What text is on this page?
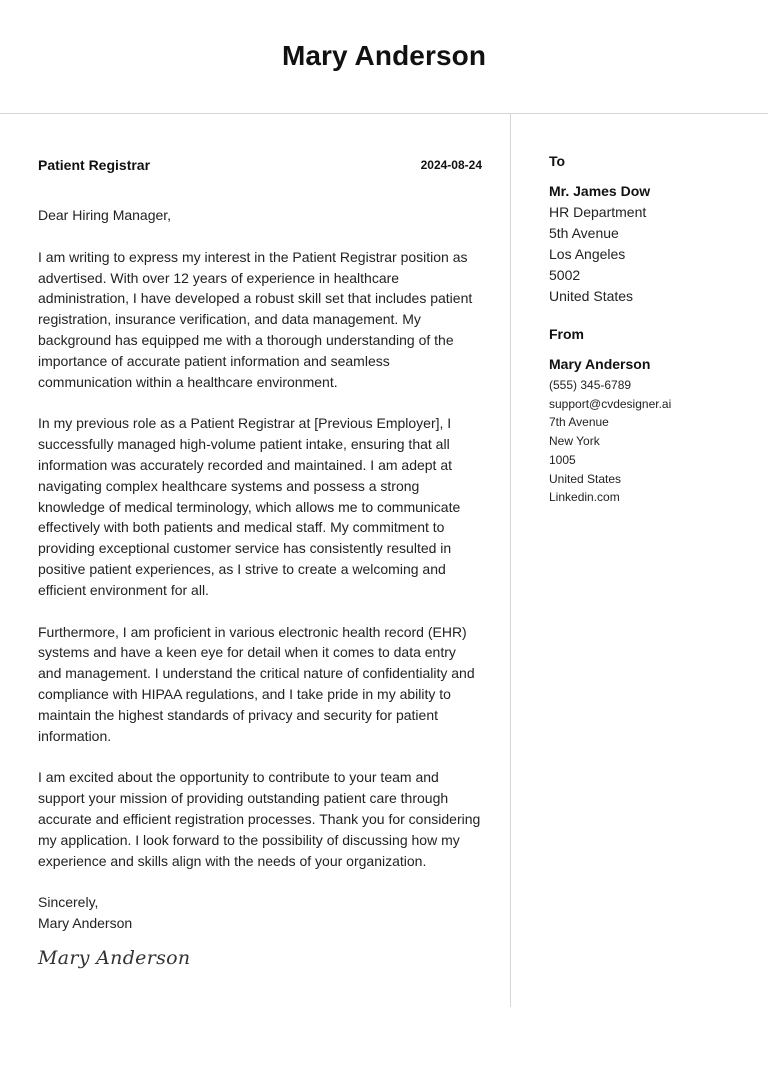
Mary Anderson
Patient Registrar	2024-08-24

Dear Hiring Manager,

I am writing to express my interest in the Patient Registrar position as advertised. With over 12 years of experience in healthcare administration, I have developed a robust skill set that includes patient registration, insurance verification, and data management. My background has equipped me with a thorough understanding of the importance of accurate patient information and seamless communication within a healthcare environment.

In my previous role as a Patient Registrar at [Previous Employer], I successfully managed high-volume patient intake, ensuring that all information was accurately recorded and maintained. I am adept at navigating complex healthcare systems and possess a strong knowledge of medical terminology, which allows me to communicate effectively with both patients and medical staff. My commitment to providing exceptional customer service has consistently resulted in positive patient experiences, as I strive to create a welcoming and efficient environment for all.

Furthermore, I am proficient in various electronic health record (EHR) systems and have a keen eye for detail when it comes to data entry and management. I understand the critical nature of confidentiality and compliance with HIPAA regulations, and I take pride in my ability to maintain the highest standards of privacy and security for patient information.

I am excited about the opportunity to contribute to your team and support your mission of providing outstanding patient care through accurate and efficient registration processes. Thank you for considering my application. I look forward to the possibility of discussing how my experience and skills align with the needs of your organization.

Sincerely,

Mary Anderson

Mary Anderson
To
Mr. James Dow
HR Department
5th Avenue
Los Angeles
5002
United States
From
Mary Anderson
(555) 345-6789
support@cvdesigner.ai
7th Avenue
New York
1005
United States
Linkedin.com
